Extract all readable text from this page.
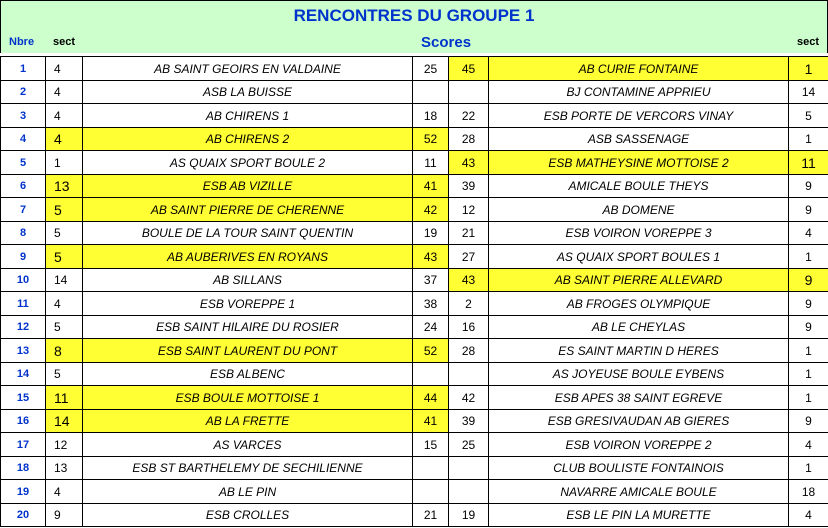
RENCONTRES DU GROUPE 1
Nbre sect	Scores	sect
1	4	AB SAINT GEOIRS EN VALDAINE	25	45	AB CURIE FONTAINE	1
2	4	ASB LA BUISSE			BJ CONTAMINE APPRIEU	14
3	4	AB CHIRENS 1	18	22	ESB PORTE DE VERCORS VINAY	5
4	4	AB CHIRENS 2	52	28	ASB SASSENAGE	1
5	1	AS QUAIX SPORT BOULE 2	11	43	ESB MATHEYSINE MOTTOISE 2	11
6	13	ESB AB VIZILLE	41	39	AMICALE BOULE THEYS	9
7	5	AB SAINT PIERRE DE CHERENNE	42	12	AB DOMENE	9
8	5	BOULE DE LA TOUR SAINT QUENTIN	19	21	ESB VOIRON VOREPPE 3	4
9	5	AB AUBERIVES EN ROYANS	43	27	AS QUAIX SPORT BOULES 1	1
10	14	AB SILLANS	37	43	AB SAINT PIERRE ALLEVARD	9
11	4	ESB VOREPPE 1	38	2	AB FROGES OLYMPIQUE	9
12	5	ESB SAINT HILAIRE DU ROSIER	24	16	AB LE CHEYLAS	9
13	8	ESB SAINT LAURENT DU PONT	52	28	ES SAINT MARTIN D HERES	1
14	5	ESB ALBENC			AS JOYEUSE BOULE EYBENS	1
15	11	ESB BOULE MOTTOISE 1	44	42	ESB APES 38 SAINT EGREVE	1
16	14	AB LA FRETTE	41	39	ESB GRESIVAUDAN AB GIERES	9
17	12	AS VARCES	15	25	ESB VOIRON VOREPPE 2	4
18	13	ESB ST BARTHELEMY DE SECHILIENNE			CLUB BOULISTE FONTAINOIS	1
19	4	AB LE PIN			NAVARRE AMICALE BOULE	18
20	9	ESB CROLLES	21	19	ESB LE PIN LA MURETTE	4
